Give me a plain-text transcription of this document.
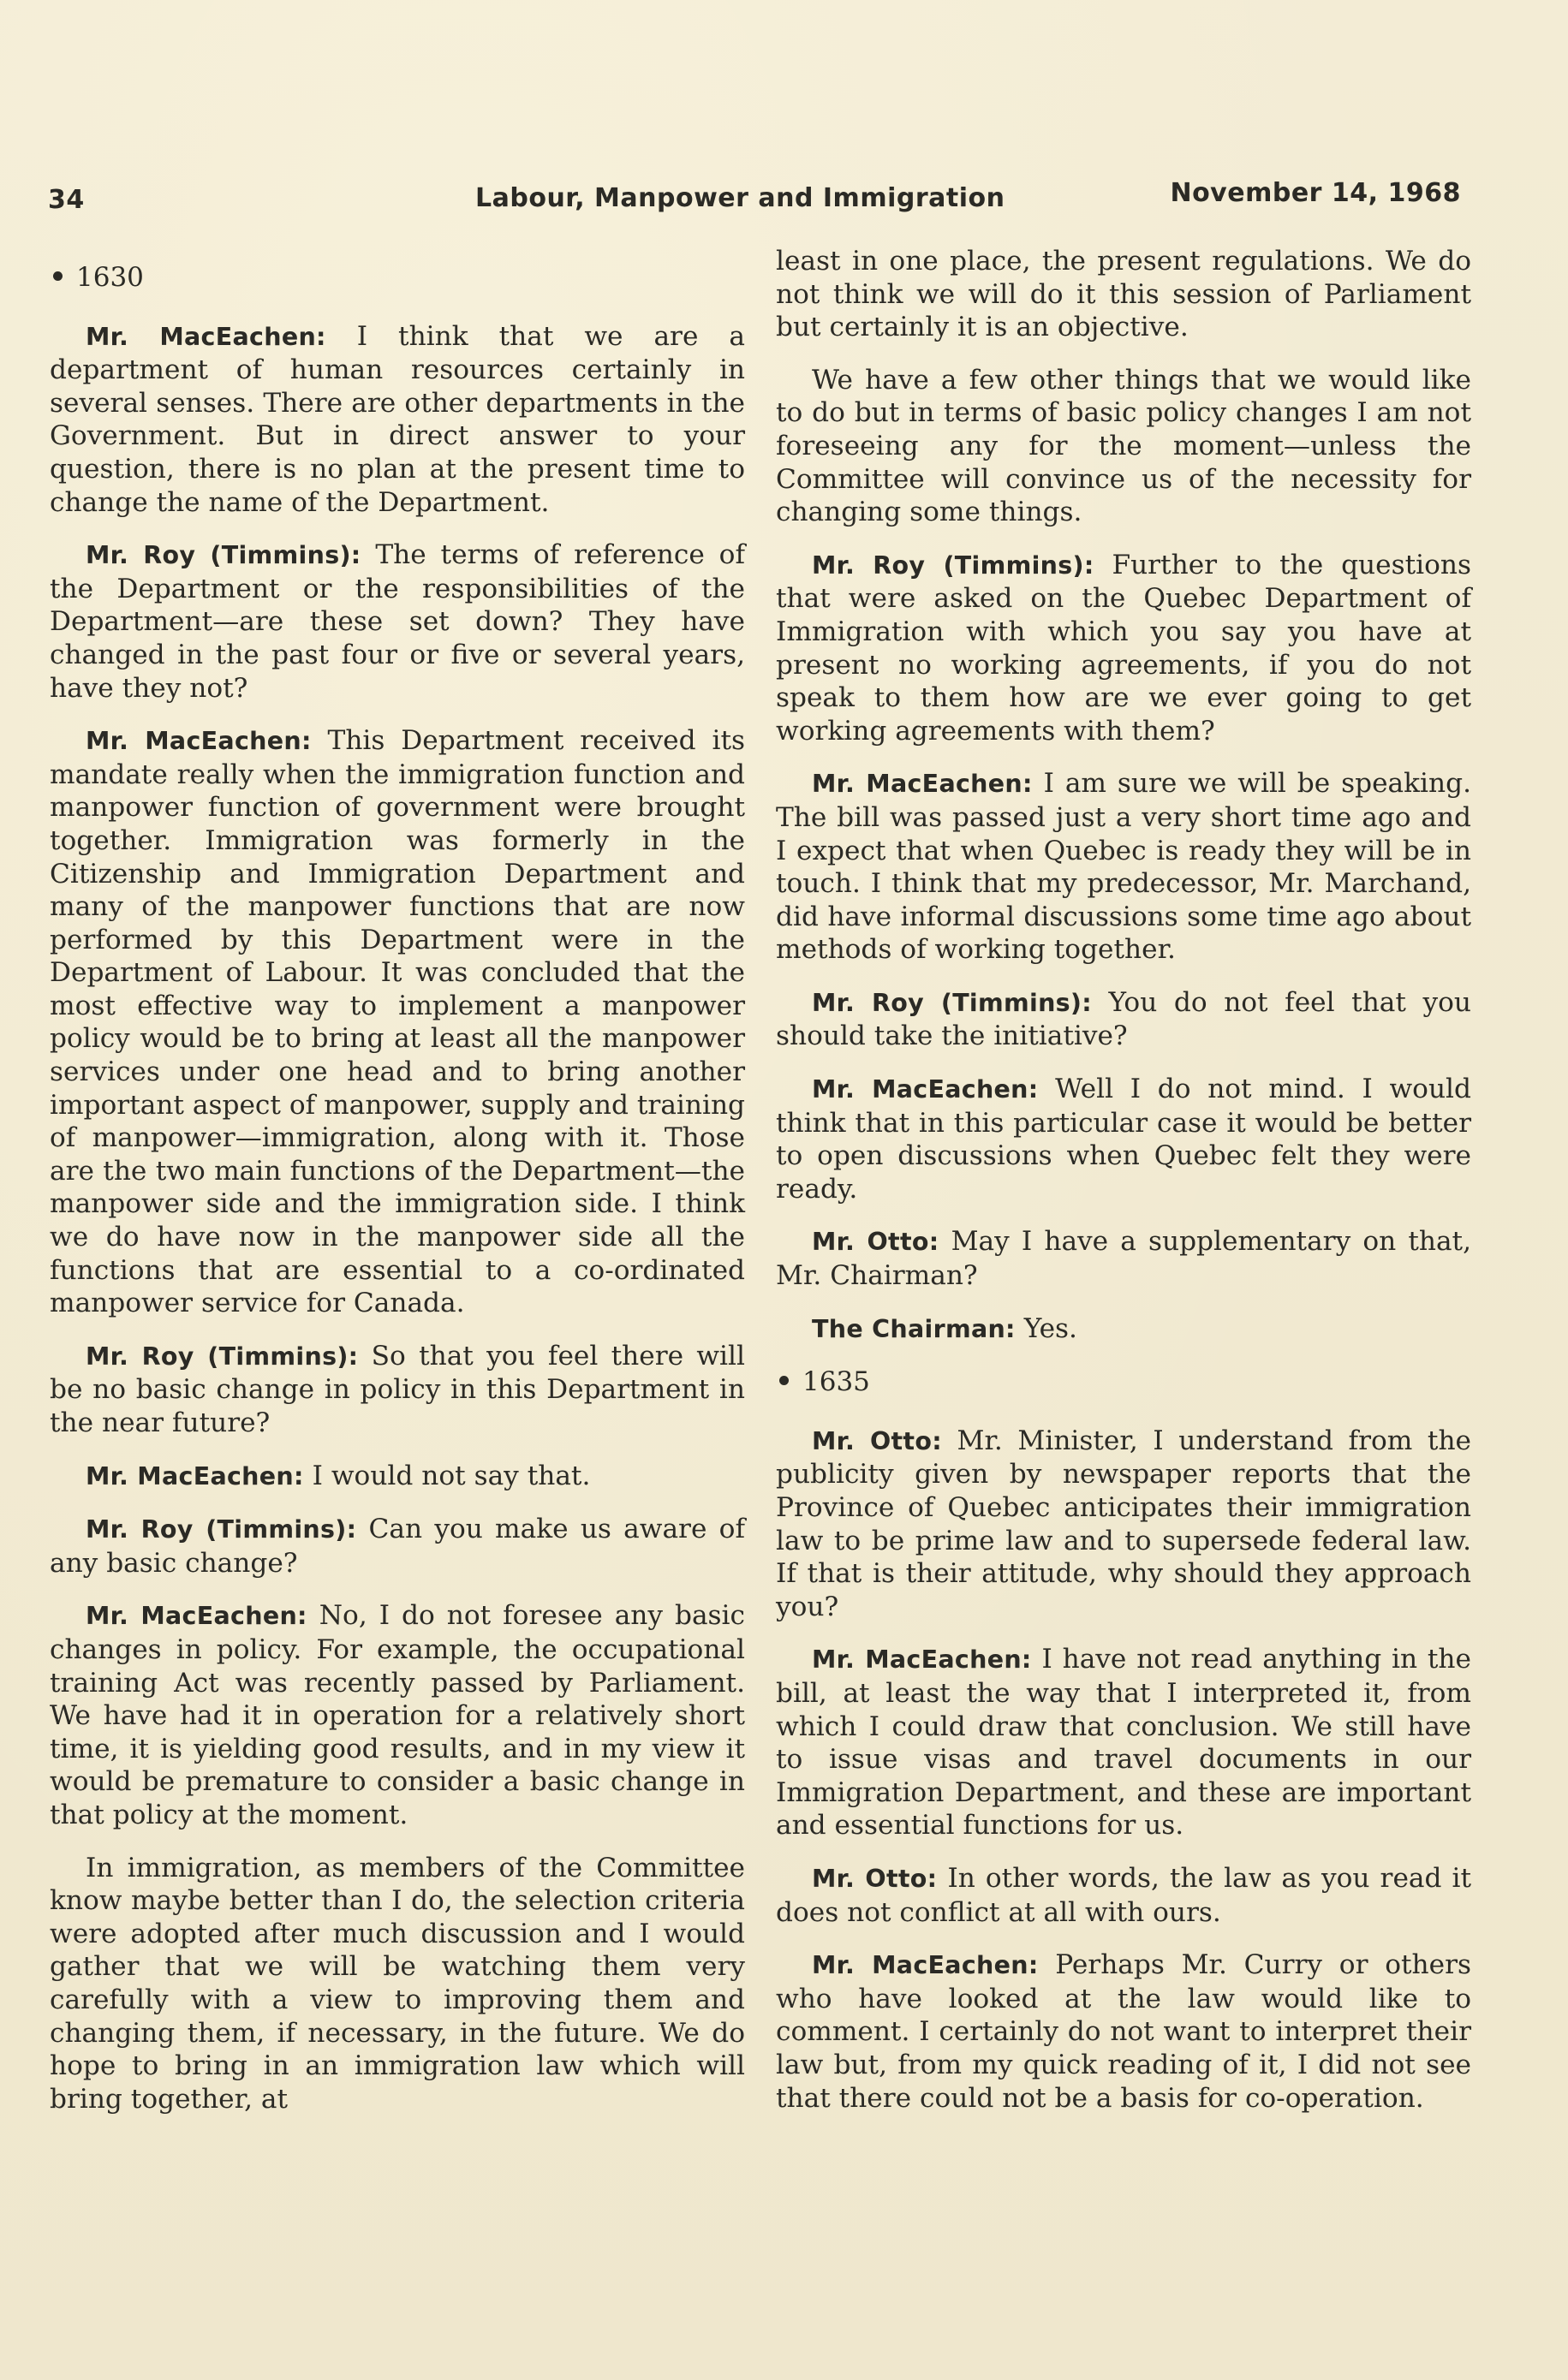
34	Labour, Manpower and Immigration	November 14, 1968
1630

Mr. MacEachen: I think that we are a department of human resources certainly in several senses. There are other departments in the Government. But in direct answer to your question, there is no plan at the present time to change the name of the Department.

Mr. Roy (Timmins): The terms of reference of the Department or the responsibilities of the Department—are these set down? They have changed in the past four or five or several years, have they not?

Mr. MacEachen: This Department received its mandate really when the immigration function and manpower function of government were brought together. Immigration was formerly in the Citizenship and Immigration Department and many of the manpower functions that are now performed by this Department were in the Department of Labour. It was concluded that the most effective way to implement a manpower policy would be to bring at least all the manpower services under one head and to bring another important aspect of manpower, supply and training of manpower—immigration, along with it. Those are the two main functions of the Department—the manpower side and the immigration side. I think we do have now in the manpower side all the functions that are essential to a co-ordinated manpower service for Canada.

Mr. Roy (Timmins): So that you feel there will be no basic change in policy in this Department in the near future?

Mr. MacEachen: I would not say that.

Mr. Roy (Timmins): Can you make us aware of any basic change?

Mr. MacEachen: No, I do not foresee any basic changes in policy. For example, the occupational training Act was recently passed by Parliament. We have had it in operation for a relatively short time, it is yielding good results, and in my view it would be premature to consider a basic change in that policy at the moment.

In immigration, as members of the Committee know maybe better than I do, the selection criteria were adopted after much discussion and I would gather that we will be watching them very carefully with a view to improving them and changing them, if necessary, in the future. We do hope to bring in an immigration law which will bring together, at

least in one place, the present regulations. We do not think we will do it this session of Parliament but certainly it is an objective.

We have a few other things that we would like to do but in terms of basic policy changes I am not foreseeing any for the moment—unless the Committee will convince us of the necessity for changing some things.

Mr. Roy (Timmins): Further to the questions that were asked on the Quebec Department of Immigration with which you say you have at present no working agreements, if you do not speak to them how are we ever going to get working agreements with them?

Mr. MacEachen: I am sure we will be speaking. The bill was passed just a very short time ago and I expect that when Quebec is ready they will be in touch. I think that my predecessor, Mr. Marchand, did have informal discussions some time ago about methods of working together.

Mr. Roy (Timmins): You do not feel that you should take the initiative?

Mr. MacEachen: Well I do not mind. I would think that in this particular case it would be better to open discussions when Quebec felt they were ready.

Mr. Otto: May I have a supplementary on that, Mr. Chairman?

The Chairman: Yes.

1635

Mr. Otto: Mr. Minister, I understand from the publicity given by newspaper reports that the Province of Quebec anticipates their immigration law to be prime law and to supersede federal law. If that is their attitude, why should they approach you?

Mr. MacEachen: I have not read anything in the bill, at least the way that I interpreted it, from which I could draw that conclusion. We still have to issue visas and travel documents in our Immigration Department, and these are important and essential functions for us.

Mr. Otto: In other words, the law as you read it does not conflict at all with ours.

Mr. MacEachen: Perhaps Mr. Curry or others who have looked at the law would like to comment. I certainly do not want to interpret their law but, from my quick reading of it, I did not see that there could not be a basis for co-operation.
